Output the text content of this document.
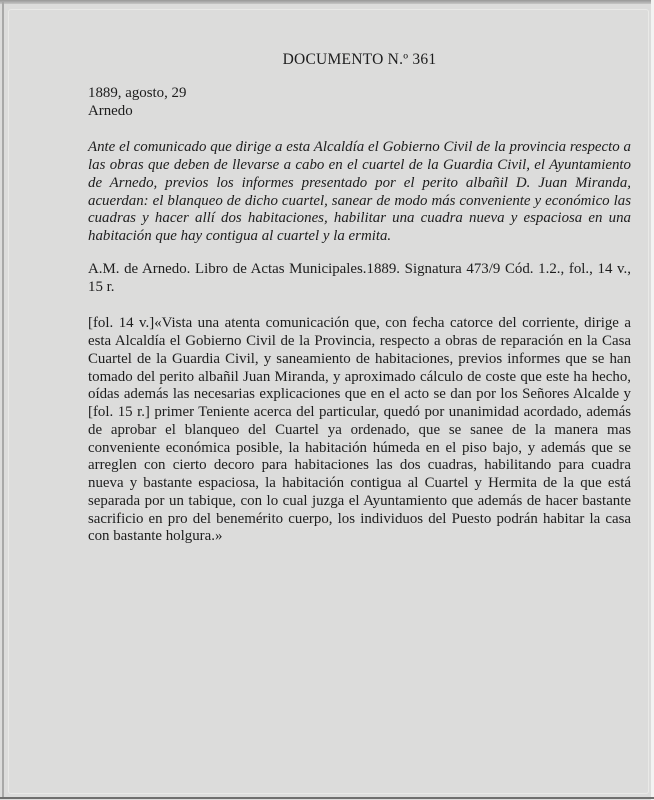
DOCUMENTO N.º 361

1889, agosto, 29

Arnedo

Ante el comunicado que dirige a esta Alcaldía el Gobierno Civil de la provincia respecto a las obras que deben de llevarse a cabo en el cuartel de la Guardia Civil, el Ayuntamiento de Arnedo, previos los informes presentado por el perito albañil D. Juan Miranda, acuerdan: el blanqueo de dicho cuartel, sanear de modo más conveniente y económico las cuadras y hacer allí dos habitaciones, habilitar una cuadra nueva y espaciosa en una habitación que hay contigua al cuartel y la ermita.

A.M. de Arnedo. Libro de Actas Municipales.1889. Signatura 473/9 Cód. 1.2., fol., 14 v., 15 r.

[fol. 14 v.]«Vista una atenta comunicación que, con fecha catorce del corriente, dirige a esta Alcaldía el Gobierno Civil de la Provincia, respecto a obras de reparación en la Casa Cuartel de la Guardia Civil, y saneamiento de habitaciones, previos informes que se han tomado del perito albañil Juan Miranda, y aproximado cálculo de coste que este ha hecho, oídas además las necesarias explicaciones que en el acto se dan por los Señores Alcalde y [fol. 15 r.] primer Teniente acerca del particular, quedó por unanimidad acordado, además de aprobar el blanqueo del Cuartel ya ordenado, que se sanee de la manera mas conveniente económica posible, la habitación húmeda en el piso bajo, y además que se arreglen con cierto decoro para habitaciones las dos cuadras, habilitando para cuadra nueva y bastante espaciosa, la habitación contigua al Cuartel y Hermita de la que está separada por un tabique, con lo cual juzga el Ayuntamiento que además de hacer bastante sacrificio en pro del benemérito cuerpo, los individuos del Puesto podrán habitar la casa con bastante holgura.»
